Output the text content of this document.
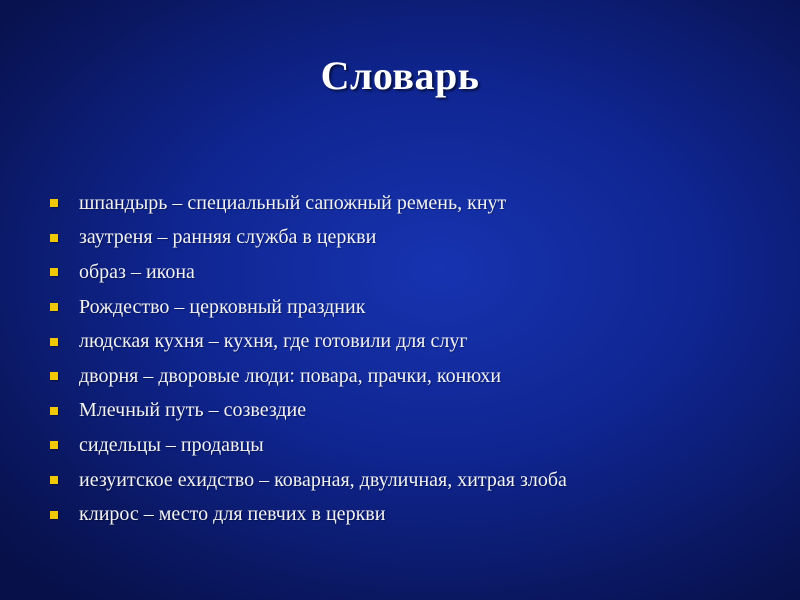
Словарь
шпандырь – специальный сапожный ремень, кнут
заутреня – ранняя служба в церкви
образ – икона
Рождество – церковный праздник
людская кухня – кухня, где готовили для слуг
дворня – дворовые люди: повара, прачки, конюхи
Млечный путь – созвездие
сидельцы – продавцы
иезуитское ехидство – коварная, двуличная, хитрая злоба
клирос – место для певчих в церкви
